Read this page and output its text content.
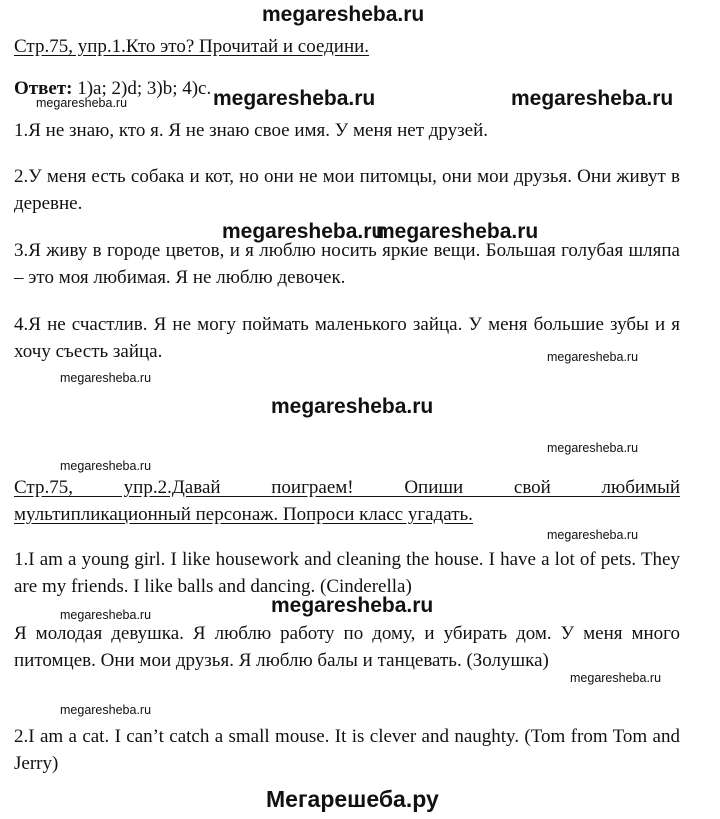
megaresheba.ru
Стр.75, упр.1.Кто это? Прочитай и соедини.
Ответ: 1)a; 2)d; 3)b; 4)c.
megaresheba.ru	megaresheba.ru	megaresheba.ru
1.Я не знаю, кто я. Я не знаю свое имя. У меня нет друзей.
2.У меня есть собака и кот, но они не мои питомцы, они мои друзья. Они живут в деревне.
megaresheba.ru
megaresheba.ru
3.Я живу в городе цветов, и я люблю носить яркие вещи. Большая голубая шляпа – это моя любимая. Я не люблю девочек.
4.Я не счастлив. Я не могу поймать маленького зайца. У меня большие зубы и я хочу съесть зайца.	megaresheba.ru
megaresheba.ru
megaresheba.ru
megaresheba.ru
megaresheba.ru
Стр.75, упр.2.Давай поиграем! Опиши свой любимый
мультипликационный персонаж. Попроси класс угадать.
megaresheba.ru
1.I am a young girl. I like housework and cleaning the house. I have a lot of pets. They are my friends. I like balls and dancing. (Cinderella)
megaresheba.ru	megaresheba.ru
Я молодая девушка. Я люблю работу по дому, и убирать дом. У меня много питомцев. Они мои друзья. Я люблю балы и танцевать. (Золушка)
megaresheba.ru
megaresheba.ru
2.I am a cat. I can’t catch a small mouse. It is clever and naughty. (Tom from Tom and Jerry)
Мегарешеба.ру
